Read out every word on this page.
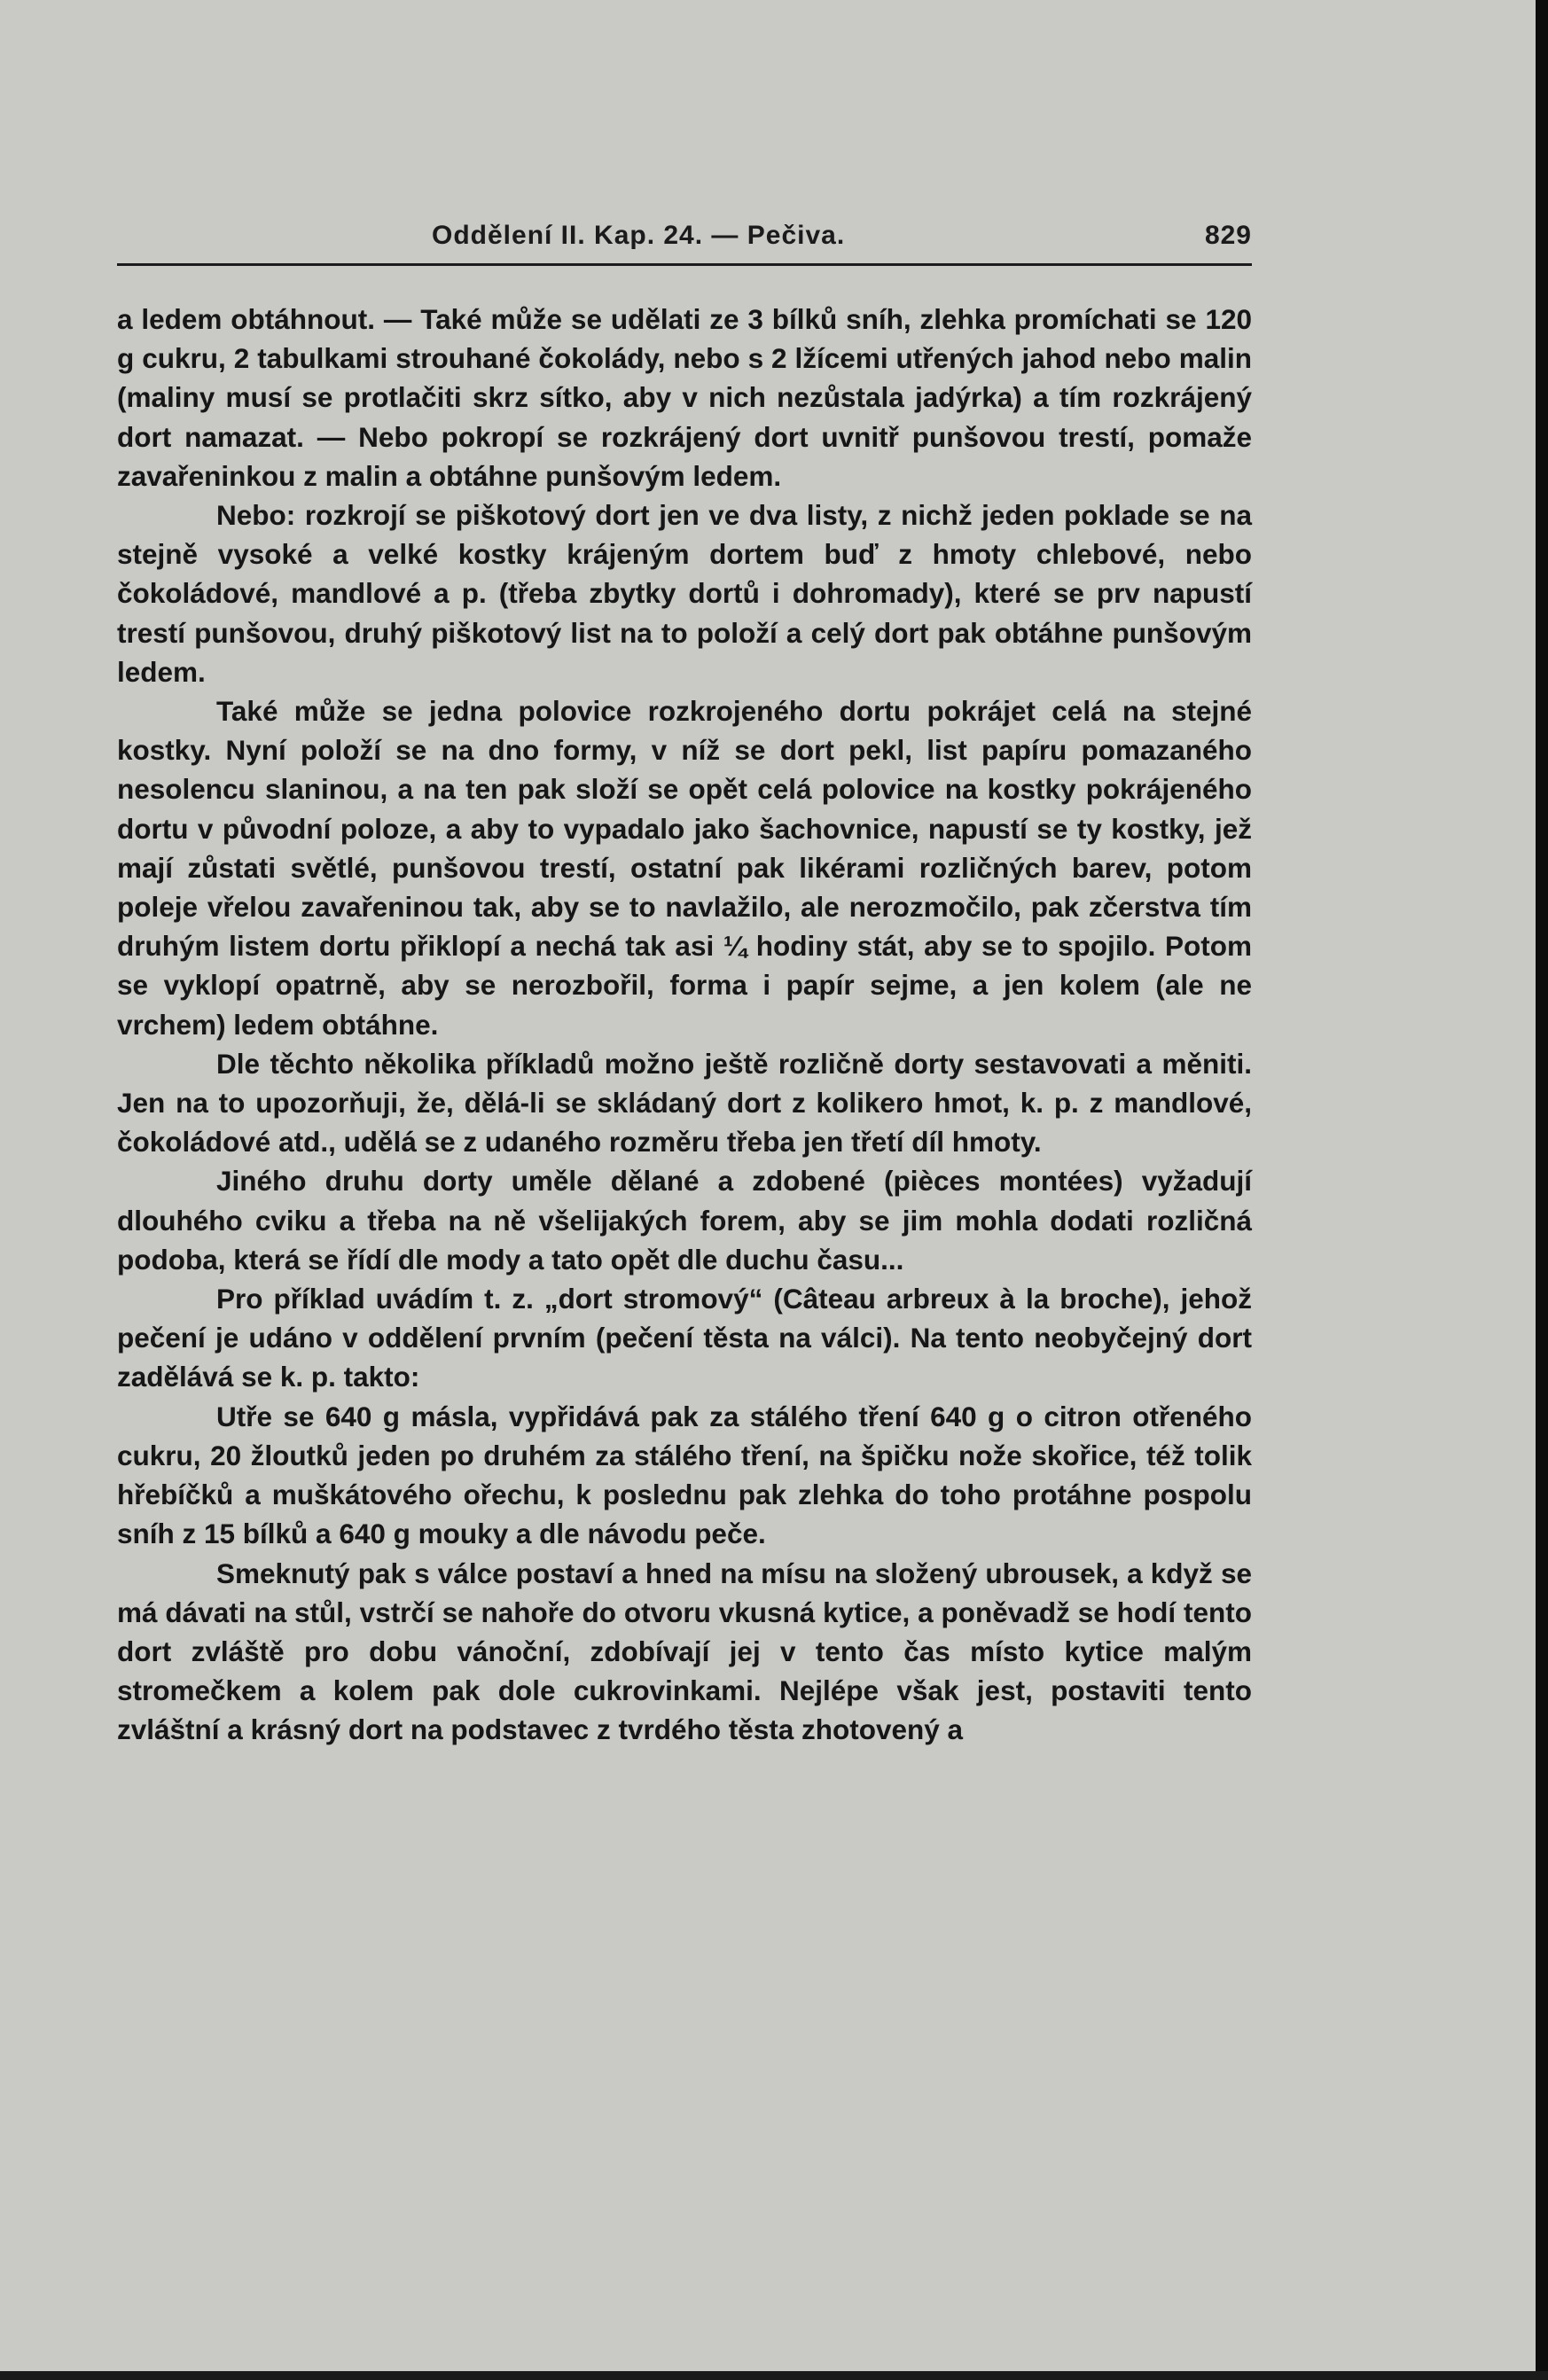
Oddělení II. Kap. 24. — Pečiva.	829

a ledem obtáhnout. — Také může se udělati ze 3 bílků sníh, zlehka promíchati se 120 g cukru, 2 tabulkami strouhané čokolády, nebo s 2 lžícemi utřených jahod nebo malin (maliny musí se protlačiti skrz sítko, aby v nich nezůstala jadýrka) a tím rozkrájený dort namazat. — Nebo pokropí se rozkrájený dort uvnitř punšovou trestí, pomaže zavařeninkou z malin a obtáhne punšovým ledem.

Nebo: rozkrojí se piškotový dort jen ve dva listy, z nichž jeden poklade se na stejně vysoké a velké kostky krájeným dortem buď z hmoty chlebové, nebo čokoládové, mandlové a p. (třeba zbytky dortů i dohromady), které se prv napustí trestí punšovou, druhý piškotový list na to položí a celý dort pak obtáhne punšovým ledem.

Také může se jedna polovice rozkrojeného dortu pokrájet celá na stejné kostky. Nyní položí se na dno formy, v níž se dort pekl, list papíru pomazaného nesolencu slaninou, a na ten pak složí se opět celá polovice na kostky pokrájeného dortu v původní poloze, a aby to vypadalo jako šachovnice, napustí se ty kostky, jež mají zůstati světlé, punšovou trestí, ostatní pak likérami rozličných barev, potom poleje vřelou zavařeninou tak, aby se to navlažilo, ale nerozmočilo, pak zčerstva tím druhým listem dortu přiklopí a nechá tak asi ¼ hodiny stát, aby se to spojilo. Potom se vyklopí opatrně, aby se nerozbořil, forma i papír sejme, a jen kolem (ale ne vrchem) ledem obtáhne.

Dle těchto několika příkladů možno ještě rozličně dorty sestavovati a měniti. Jen na to upozorňuji, že, dělá-li se skládaný dort z kolikero hmot, k. p. z mandlové, čokoládové atd., udělá se z udaného rozměru třeba jen třetí díl hmoty.

Jiného druhu dorty uměle dělané a zdobené (pièces montées) vyžadují dlouhého cviku a třeba na ně všelijakých forem, aby se jim mohla dodati rozličná podoba, která se řídí dle mody a tato opět dle duchu času...

Pro příklad uvádím t. z. „dort stromový“ (Câteau arbreux à la broche), jehož pečení je udáno v oddělení prvním (pečení těsta na válci). Na tento neobyčejný dort zadělává se k. p. takto:

Utře se 640 g másla, vypřidává pak za stálého tření 640 g o citron otřeného cukru, 20 žloutků jeden po druhém za stálého tření, na špičku nože skořice, též tolik hřebíčků a muškátového ořechu, k poslednu pak zlehka do toho protáhne pospolu sníh z 15 bílků a 640 g mouky a dle návodu peče.

Smeknutý pak s válce postaví a hned na mísu na složený ubrousek, a když se má dávati na stůl, vstrčí se nahoře do otvoru vkusná kytice, a poněvadž se hodí tento dort zvláště pro dobu vánoční, zdobívají jej v tento čas místo kytice malým stromečkem a kolem pak dole cukrovinkami. Nejlépe však jest, postaviti tento zvláštní a krásný dort na podstavec z tvrdého těsta zhotovený a
